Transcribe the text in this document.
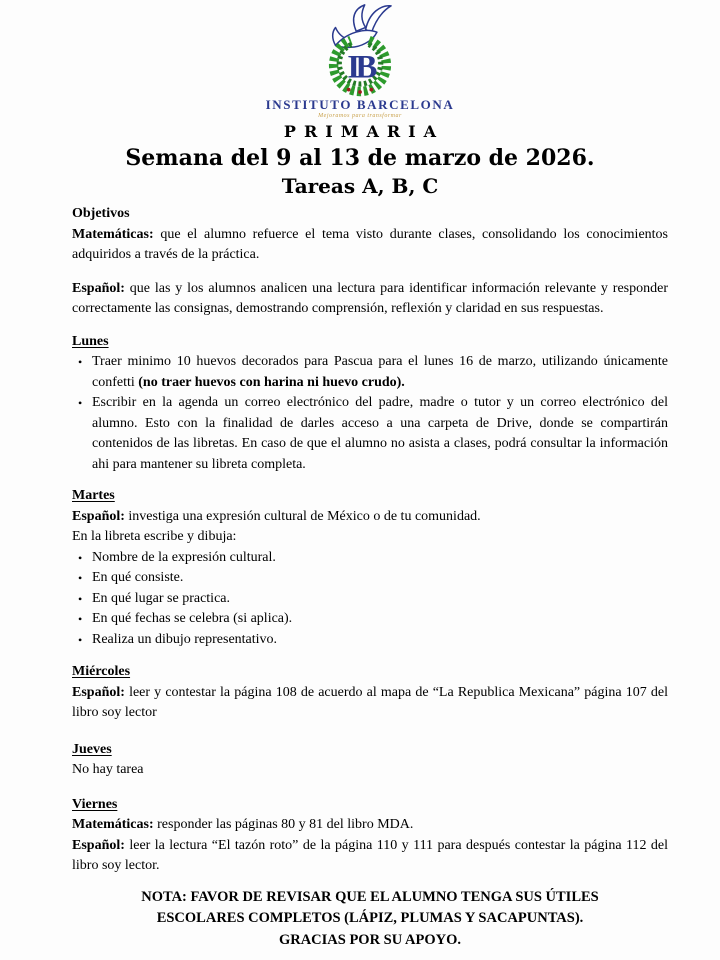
IB
INSTITUTO BARCELONA
Mejoramos para transformar
PRIMARIA
Semana del 9 al 13 de marzo de 2026.
Tareas A, B, C
Objetivos

Matemáticas: que el alumno refuerce el tema visto durante clases, consolidando los conocimientos adquiridos a través de la práctica.

Español: que las y los alumnos analicen una lectura para identificar información relevante y responder correctamente las consignas, demostrando comprensión, reflexión y claridad en sus respuestas.

Lunes
• Traer minimo 10 huevos decorados para Pascua para el lunes 16 de marzo, utilizando únicamente confetti (no traer huevos con harina ni huevo crudo).
• Escribir en la agenda un correo electrónico del padre, madre o tutor y un correo electrónico del alumno. Esto con la finalidad de darles acceso a una carpeta de Drive, donde se compartirán contenidos de las libretas. En caso de que el alumno no asista a clases, podrá consultar la información ahi para mantener su libreta completa.
Martes

Español: investiga una expresión cultural de México o de tu comunidad.

En la libreta escribe y dibuja:

• Nombre de la expresión cultural.
• En qué consiste.
• En qué lugar se practica.
• En qué fechas se celebra (si aplica).
• Realiza un dibujo representativo.
Miércoles

Español: leer y contestar la página 108 de acuerdo al mapa de “La Republica Mexicana” página 107 del libro soy lector

Jueves

No hay tarea

Viernes

Matemáticas: responder las páginas 80 y 81 del libro MDA.

Español: leer la lectura “El tazón roto” de la página 110 y 111 para después contestar la página 112 del libro soy lector.

NOTA: FAVOR DE REVISAR QUE EL ALUMNO TENGA SUS ÚTILES
ESCOLARES COMPLETOS (LÁPIZ, PLUMAS Y SACAPUNTAS).
GRACIAS POR SU APOYO.
